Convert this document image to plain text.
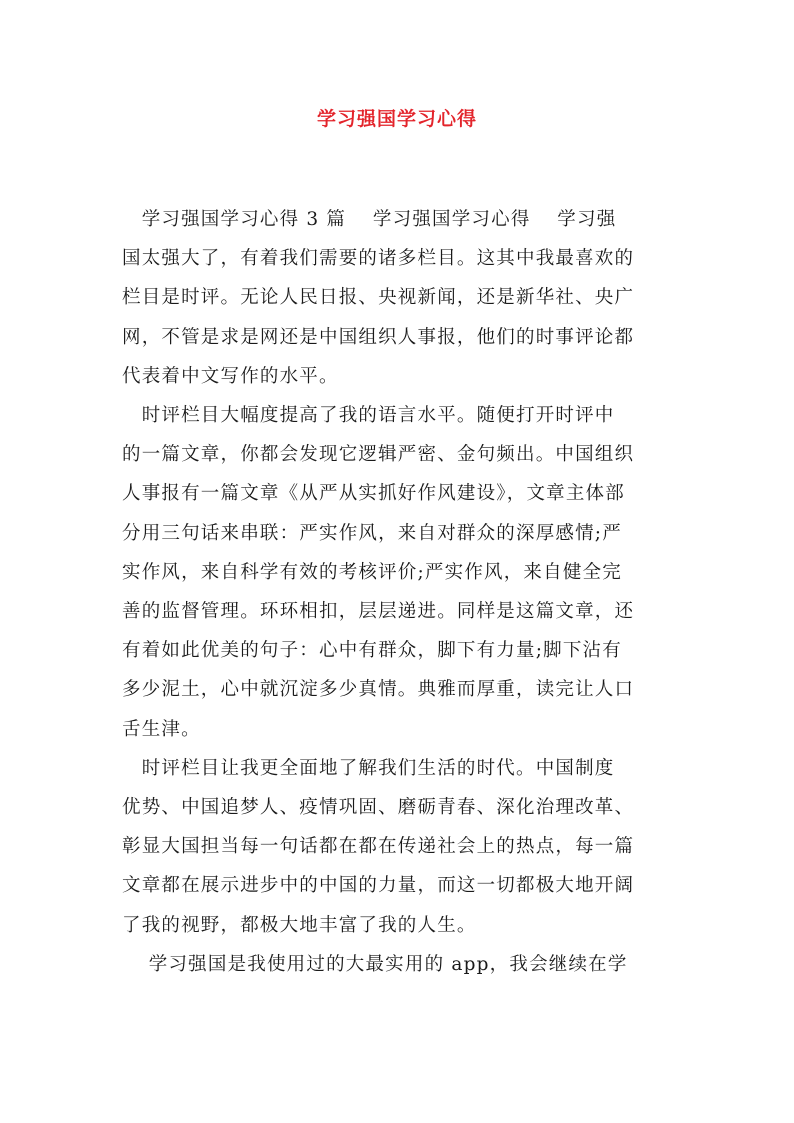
学习强国学习心得

　学习强国学习心得 3 篇　 学习强国学习心得　 学习强
国太强大了，有着我们需要的诸多栏目。这其中我最喜欢的
栏目是时评。无论人民日报、央视新闻，还是新华社、央广
网，不管是求是网还是中国组织人事报，他们的时事评论都
代表着中文写作的水平。

　时评栏目大幅度提高了我的语言水平。随便打开时评中
的一篇文章，你都会发现它逻辑严密、金句频出。中国组织
人事报有一篇文章《从严从实抓好作风建设》，文章主体部
分用三句话来串联：严实作风，来自对群众的深厚感情;严
实作风，来自科学有效的考核评价;严实作风，来自健全完
善的监督管理。环环相扣，层层递进。同样是这篇文章，还
有着如此优美的句子：心中有群众，脚下有力量;脚下沾有
多少泥土，心中就沉淀多少真情。典雅而厚重，读完让人口
舌生津。

　时评栏目让我更全面地了解我们生活的时代。中国制度
优势、中国追梦人、疫情巩固、磨砺青春、深化治理改革、
彰显大国担当每一句话都在都在传递社会上的热点，每一篇
文章都在展示进步中的中国的力量，而这一切都极大地开阔
了我的视野，都极大地丰富了我的人生。

　 学习强国是我使用过的大最实用的 app，我会继续在学
